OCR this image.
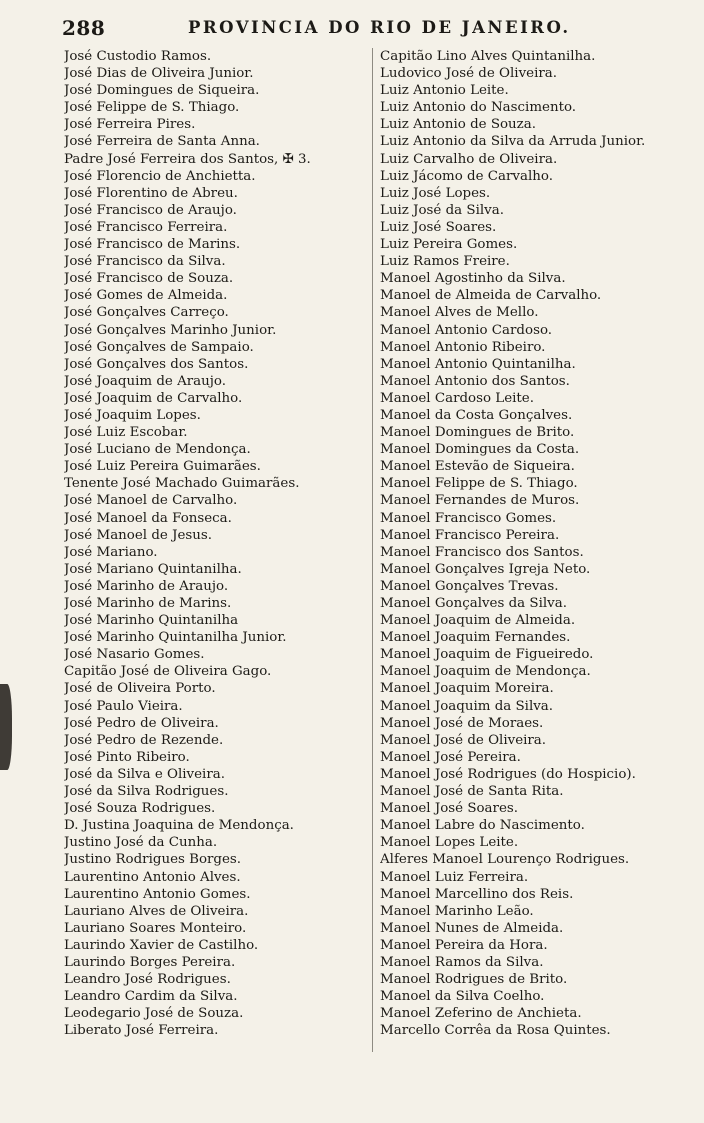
288	PROVINCIA DO RIO DE JANEIRO.
José Custodio Ramos.
José Dias de Oliveira Junior.
José Domingues de Siqueira.
José Felippe de S. Thiago.
José Ferreira Pires.
José Ferreira de Santa Anna.
Padre José Ferreira dos Santos, ✠ 3.
José Florencio de Anchietta.
José Florentino de Abreu.
José Francisco de Araujo.
José Francisco Ferreira.
José Francisco de Marins.
José Francisco da Silva.
José Francisco de Souza.
José Gomes de Almeida.
José Gonçalves Carreço.
José Gonçalves Marinho Junior.
José Gonçalves de Sampaio.
José Gonçalves dos Santos.
José Joaquim de Araujo.
José Joaquim de Carvalho.
José Joaquim Lopes.
José Luiz Escobar.
José Luciano de Mendonça.
José Luiz Pereira Guimarães.
Tenente José Machado Guimarães.
José Manoel de Carvalho.
José Manoel da Fonseca.
José Manoel de Jesus.
José Mariano.
José Mariano Quintanilha.
José Marinho de Araujo.
José Marinho de Marins.
José Marinho Quintanilha
José Marinho Quintanilha Junior.
José Nasario Gomes.
Capitão José de Oliveira Gago.
José de Oliveira Porto.
José Paulo Vieira.
José Pedro de Oliveira.
José Pedro de Rezende.
José Pinto Ribeiro.
José da Silva e Oliveira.
José da Silva Rodrigues.
José Souza Rodrigues.
D. Justina Joaquina de Mendonça.
Justino José da Cunha.
Justino Rodrigues Borges.
Laurentino Antonio Alves.
Laurentino Antonio Gomes.
Lauriano Alves de Oliveira.
Lauriano Soares Monteiro.
Laurindo Xavier de Castilho.
Laurindo Borges Pereira.
Leandro José Rodrigues.
Leandro Cardim da Silva.
Leodegario José de Souza.
Liberato José Ferreira.
Capitão Lino Alves Quintanilha.
Ludovico José de Oliveira.
Luiz Antonio Leite.
Luiz Antonio do Nascimento.
Luiz Antonio de Souza.
Luiz Antonio da Silva da Arruda Junior.
Luiz Carvalho de Oliveira.
Luiz Jácomo de Carvalho.
Luiz José Lopes.
Luiz José da Silva.
Luiz José Soares.
Luiz Pereira Gomes.
Luiz Ramos Freire.
Manoel Agostinho da Silva.
Manoel de Almeida de Carvalho.
Manoel Alves de Mello.
Manoel Antonio Cardoso.
Manoel Antonio Ribeiro.
Manoel Antonio Quintanilha.
Manoel Antonio dos Santos.
Manoel Cardoso Leite.
Manoel da Costa Gonçalves.
Manoel Domingues de Brito.
Manoel Domingues da Costa.
Manoel Estevão de Siqueira.
Manoel Felippe de S. Thiago.
Manoel Fernandes de Muros.
Manoel Francisco Gomes.
Manoel Francisco Pereira.
Manoel Francisco dos Santos.
Manoel Gonçalves Igreja Neto.
Manoel Gonçalves Trevas.
Manoel Gonçalves da Silva.
Manoel Joaquim de Almeida.
Manoel Joaquim Fernandes.
Manoel Joaquim de Figueiredo.
Manoel Joaquim de Mendonça.
Manoel Joaquim Moreira.
Manoel Joaquim da Silva.
Manoel José de Moraes.
Manoel José de Oliveira.
Manoel José Pereira.
Manoel José Rodrigues (do Hospicio).
Manoel José de Santa Rita.
Manoel José Soares.
Manoel Labre do Nascimento.
Manoel Lopes Leite.
Alferes Manoel Lourenço Rodrigues.
Manoel Luiz Ferreira.
Manoel Marcellino dos Reis.
Manoel Marinho Leão.
Manoel Nunes de Almeida.
Manoel Pereira da Hora.
Manoel Ramos da Silva.
Manoel Rodrigues de Brito.
Manoel da Silva Coelho.
Manoel Zeferino de Anchieta.
Marcello Corrêa da Rosa Quintes.
